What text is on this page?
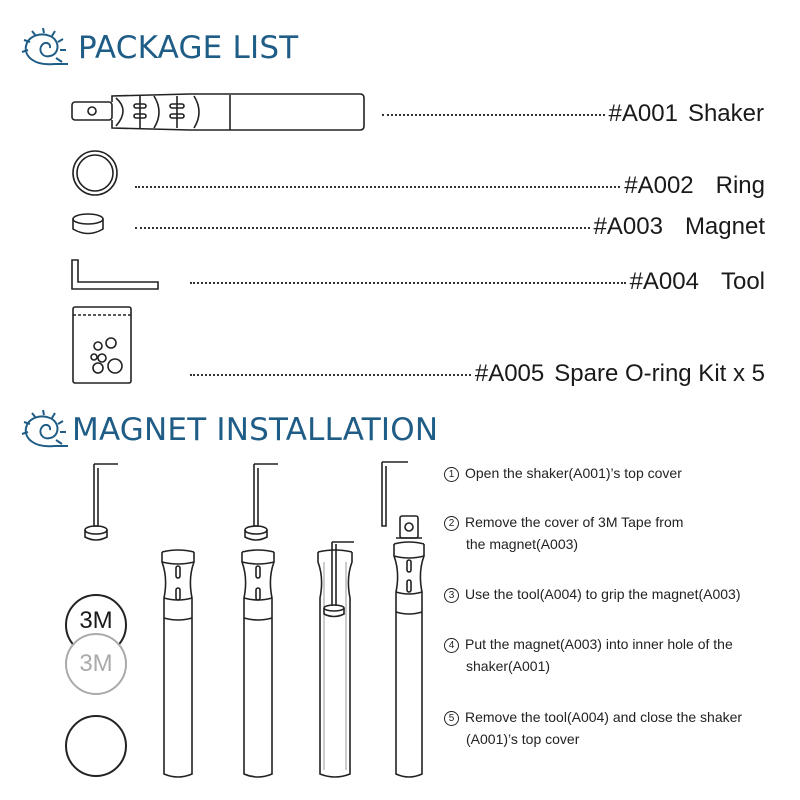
PACKAGE LIST
#A001 Shaker
#A002 Ring
#A003 Magnet
#A004 Tool
#A005 Spare O-ring Kit x 5
MAGNET INSTALLATION
3M
3M
1 Open the shaker(A001)’s top cover
2 Remove the cover of 3M Tape from
the magnet(A003)
3 Use the tool(A004) to grip the magnet(A003)
4 Put the magnet(A003) into inner hole of the
shaker(A001)
5 Remove the tool(A004) and close the shaker
(A001)’s top cover
